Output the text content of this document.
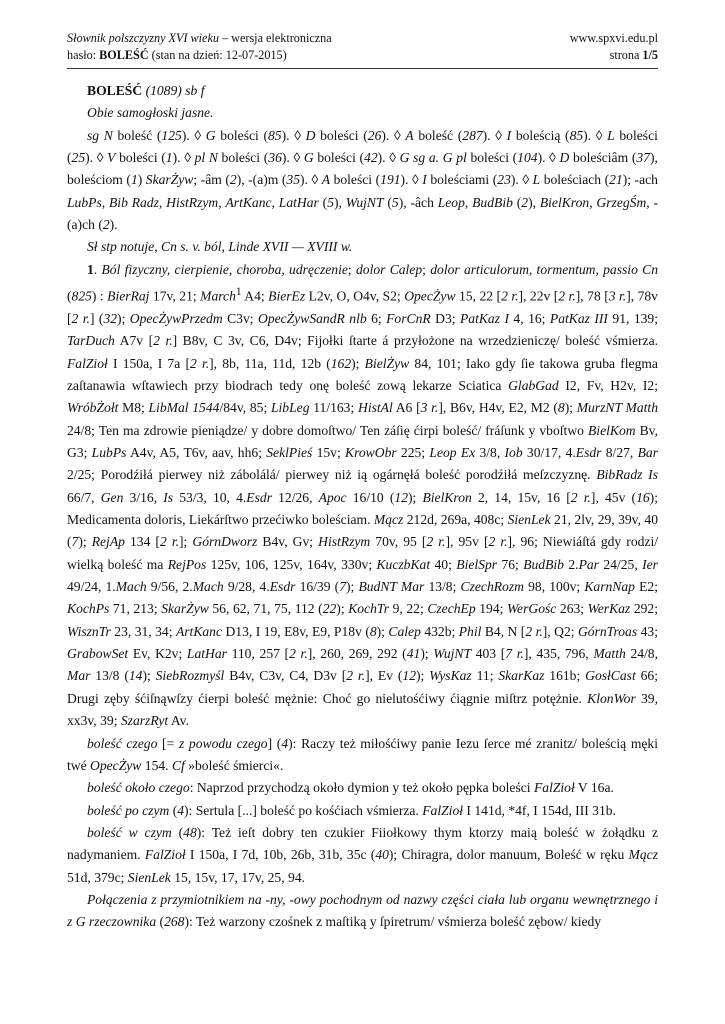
Słownik polszczyzny XVI wieku – wersja elektroniczna	www.spxvi.edu.pl
hasło: BOLEŚĆ (stan na dzień: 12-07-2015)	strona 1/5

BOLEŚĆ (1089) sb f

Obie samogłoski jasne.

sg N boleść (125). ◊ G boleści (85). ◊ D boleści (26). ◊ A boleść (287). ◊ I boleścią (85). ◊ L boleści (25). ◊ V boleści (1). ◊ pl N boleści (36). ◊ G boleści (42). ◊ G sg a. G pl boleści (104). ◊ D boleściâm (37), boleściom (1) SkarŻyw; -âm (2), -(a)m (35). ◊ A boleści (191). ◊ I boleściami (23). ◊ L boleściach (21); -ach LubPs, Bib Radz, HistRzym, ArtKanc, LatHar (5), WujNT (5), -âch Leop, BudBib (2), BielKron, GrzegŚm, -(a)ch (2).

Sł stp notuje, Cn s. v. ból, Linde XVII — XVIII w.

1. Ból fizyczny, cierpienie, choroba, udręczenie; dolor Calep; dolor articulorum, tormentum, passio Cn (825) : BierRaj 17v, 21; March$^1$ A4; BierEz L2v, O, O4v, S2; OpecŻyw 15, 22 [2 r.], 22v [2 r.], 78 [3 r.], 78v [2 r.] (32); OpecŻywPrzedm C3v; OpecŻywSandR nlb 6; ForCnR D3; PatKaz I 4, 16; PatKaz III 91, 139; TarDuch A7v [2 r.] B8v, C 3v, C6, D4v; Fijołki ſtarte á przyłożone na wrzedzieniczę/ boleść vśmierza. FalZioł I 150a, I 7a [2 r.], 8b, 11a, 11d, 12b (162); BielŻyw 84, 101; Iako gdy ſie takowa gruba flegma zaſtanawia wſtawiech przy biodrach tedy onę boleść zową lekarze Sciatica GlabGad I2, Fv, H2v, I2; WróbŻołt M8; LibMal 1544/84v, 85; LibLeg 11/163; HistAl A6 [3 r.], B6v, H4v, E2, M2 (8); MurzNT Matth 24/8; Ten ma zdrowie pieniądze/ y dobre domoſtwo/ Ten záſię ćirpi boleść/ fráſunk y vboſtwo BielKom Bv, G3; LubPs A4v, A5, T6v, aav, hh6; SeklPieś 15v; KrowObr 225; Leop Ex 3/8, Iob 30/17, 4.Esdr 8/27, Bar 2/25; Porodźiłá pierwey niż zábolálá/ pierwey niż ią ogárnęłá boleść porodźiłá meſzczyznę. BibRadz Is 66/7, Gen 3/16, Is 53/3, 10, 4.Esdr 12/26, Apoc 16/10 (12); BielKron 2, 14, 15v, 16 [2 r.], 45v (16); Medicamenta doloris, Liekárſtwo przećiwko boleściam. Mącz 212d, 269a, 408c; SienLek 21, 2lv, 29, 39v, 40 (7); RejAp 134 [2 r.]; GórnDworz B4v, Gv; HistRzym 70v, 95 [2 r.], 95v [2 r.], 96; Niewiáſtá gdy rodzi/ wielką boleść ma RejPos 125v, 106, 125v, 164v, 330v; KuczbKat 40; BielSpr 76; BudBib 2.Par 24/25, Ier 49/24, 1.Mach 9/56, 2.Mach 9/28, 4.Esdr 16/39 (7); BudNT Mar 13/8; CzechRozm 98, 100v; KarnNap E2; KochPs 71, 213; SkarŻyw 56, 62, 71, 75, 112 (22); KochTr 9, 22; CzechEp 194; WerGośc 263; WerKaz 292; WisznTr 23, 31, 34; ArtKanc D13, I 19, E8v, E9, P18v (8); Calep 432b; Phil B4, N [2 r.], Q2; GórnTroas 43; GrabowSet Ev, K2v; LatHar 110, 257 [2 r.], 260, 269, 292 (41); WujNT 403 [7 r.], 435, 796, Matth 24/8, Mar 13/8 (14); SiebRozmyśl B4v, C3v, C4, D3v [2 r.], Ev (12); WysKaz 11; SkarKaz 161b; GosłCast 66; Drugi zęby śćiſnąwſzy ćierpi boleść mężnie: Choć go nielutośćiwy ćiągnie miſtrz potężnie. KlonWor 39, xx3v, 39; SzarzRyt Av.

boleść czego [= z powodu czego] (4): Raczy też miłośćiwy panie Iezu ſerce mé zranitz/ boleścią męki twé OpecŻyw 154. Cf »boleść śmierci«.

boleść około czego: Naprzod przychodzą około dymion y też około pępka boleści FalZioł V 16a.

boleść po czym (4): Sertula [...] boleść po kośćiach vśmierza. FalZioł I 141d, *4f, I 154d, III 31b.

boleść w czym (48): Też ieſt dobry ten czukier Fiiołkowy thym ktorzy maią boleść w żołądku z nadymaniem. FalZioł I 150a, I 7d, 10b, 26b, 31b, 35c (40); Chiragra, dolor manuum, Boleść w ręku Mącz 51d, 379c; SienLek 15, 15v, 17, 17v, 25, 94.

Połączenia z przymiotnikiem na -ny, -owy pochodnym od nazwy części ciała lub organu wewnętrznego i z G rzeczownika (268): Też warzony czośnek z maſtiką y ſpiretrum/ vśmierza boleść zębow/ kiedy
